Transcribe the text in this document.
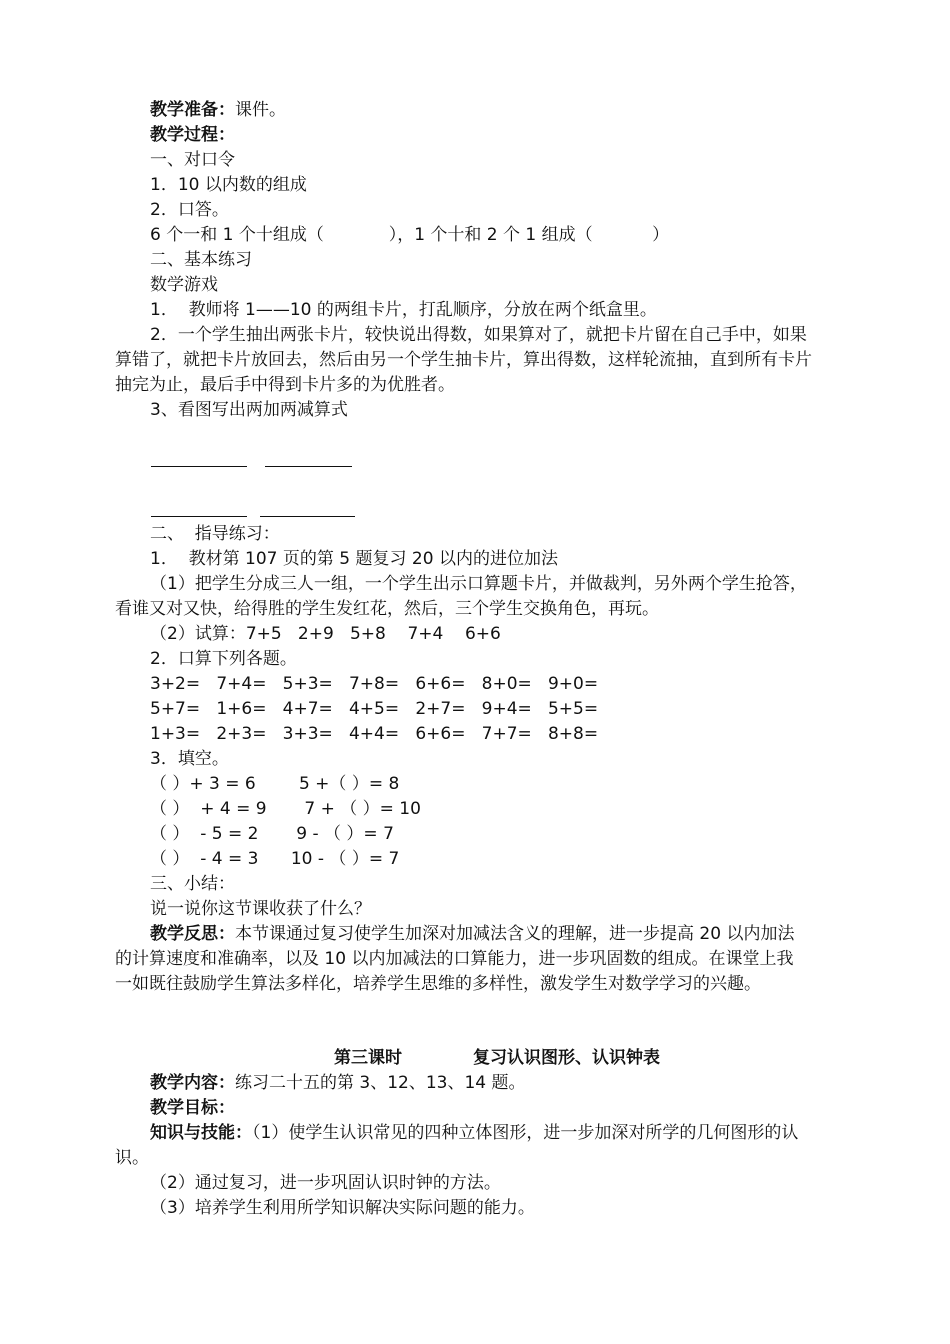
教学准备：课件。
教学过程：
一、对口令
1．10 以内数的组成
2．口答。
6 个一和 1 个十组成（            ），1 个十和 2 个 1 组成（           ）
二、基本练习
数学游戏
1．  教师将 1——10 的两组卡片，打乱顺序，分放在两个纸盒里。
2．一个学生抽出两张卡片，较快说出得数，如果算对了，就把卡片留在自己手中，如果
算错了，就把卡片放回去，然后由另一个学生抽卡片，算出得数，这样轮流抽，直到所有卡片
抽完为止，最后手中得到卡片多的为优胜者。
3、看图写出两加两减算式
二、  指导练习：
1．  教材第 107 页的第 5 题复习 20 以内的进位加法
（1）把学生分成三人一组，一个学生出示口算题卡片，并做裁判，另外两个学生抢答，
看谁又对又快，给得胜的学生发红花，然后，三个学生交换角色，再玩。
（2）试算：7+5   2+9   5+8    7+4    6+6
2．口算下列各题。
3+2=   7+4=   5+3=   7+8=   6+6=   8+0=   9+0=
5+7=   1+6=   4+7=   4+5=   2+7=   9+4=   5+5=
1+3=   2+3=   3+3=   4+4=   6+6=   7+7=   8+8=
3．填空。
（ ）+ 3 = 6        5 +（ ）= 8
（ ）  + 4 = 9       7 + （ ）= 10
（ ）  - 5 = 2       9 - （ ）= 7
（ ）  - 4 = 3      10 - （ ）= 7
三、小结：
说一说你这节课收获了什么？
教学反思：本节课通过复习使学生加深对加减法含义的理解，进一步提高 20 以内加法
的计算速度和准确率，以及 10 以内加减法的口算能力，进一步巩固数的组成。在课堂上我
一如既往鼓励学生算法多样化，培养学生思维的多样性，激发学生对数学学习的兴趣。
第三课时            复习认识图形、认识钟表
教学内容：练习二十五的第 3、12、13、14 题。
教学目标：
知识与技能：（1）使学生认识常见的四种立体图形，进一步加深对所学的几何图形的认
识。
（2）通过复习，进一步巩固认识时钟的方法。
（3）培养学生利用所学知识解决实际问题的能力。
